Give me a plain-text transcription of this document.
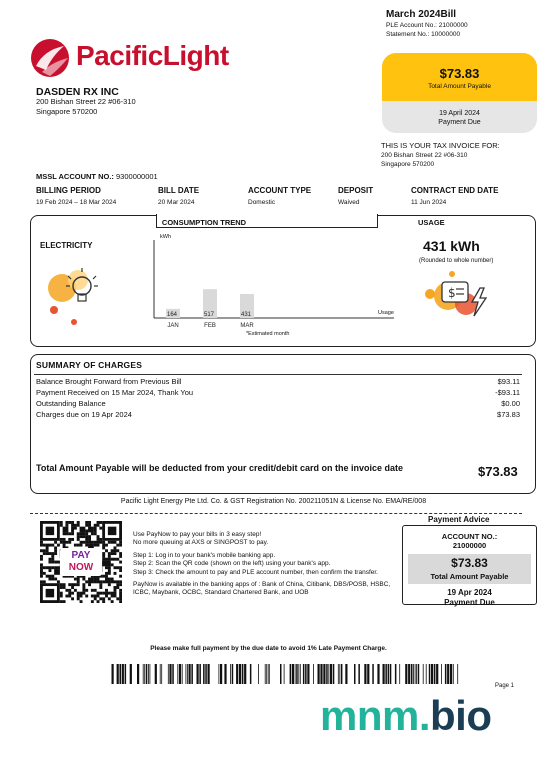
PacificLight
DASDEN RX INC
200 Bishan Street 22 #06-310
Singapore 570200
March 2024Bill
PLE Account No.: 21000000
Statement No.: 10000000
$73.83
Total Amount Payable
19 April 2024
Payment Due
THIS IS YOUR TAX INVOICE FOR:
200 Bishan Street 22 #06-310
Singapore 570200
MSSL ACCOUNT NO.: 9300000001
BILLING PERIOD	BILL DATE	ACCOUNT TYPE	DEPOSIT	CONTRACT END DATE
19 Feb 2024 – 18 Mar 2024	20 Mar 2024	Domestic	Waived	11 Jun 2024
CONSUMPTION TREND	USAGE
ELECTRICITY
kWh
164
JAN
517
FEB
431
MAR
Usage
*Estimated month
431 kWh
(Rounded to whole number)
$
SUMMARY OF CHARGES
Balance Brought Forward from Previous Bill	$93.11
Payment Received on 15 Mar 2024, Thank You	-$93.11
Outstanding Balance	$0.00
Charges due on 19 Apr 2024	$73.83
Total Amount Payable will be deducted from your credit/debit card on the invoice date	$73.83
Pacific Light Energy Pte Ltd. Co. & GST Registration No. 200211051N & License No. EMA/RE/008
PAY
NOW

Use PayNow to pay your bills in 3 easy step!
No more queuing at AXS or SINGPOST to pay.

Step 1: Log in to your bank's mobile banking app.
Step 2: Scan the QR code (shown on the left) using your bank's app.
Step 3: Check the amount to pay and PLE account number, then confirm the transfer.

PayNow is available in the banking apps of : Bank of China, Citibank, DBS/POSB, HSBC, ICBC, Maybank, OCBC, Standard Chartered Bank, and UOB

Payment Advice
ACCOUNT NO.:
21000000
$73.83
Total Amount Payable
19 Apr 2024
Payment Due
Please make full payment by the due date to avoid 1% Late Payment Charge.
Page 1
mnm.bio
